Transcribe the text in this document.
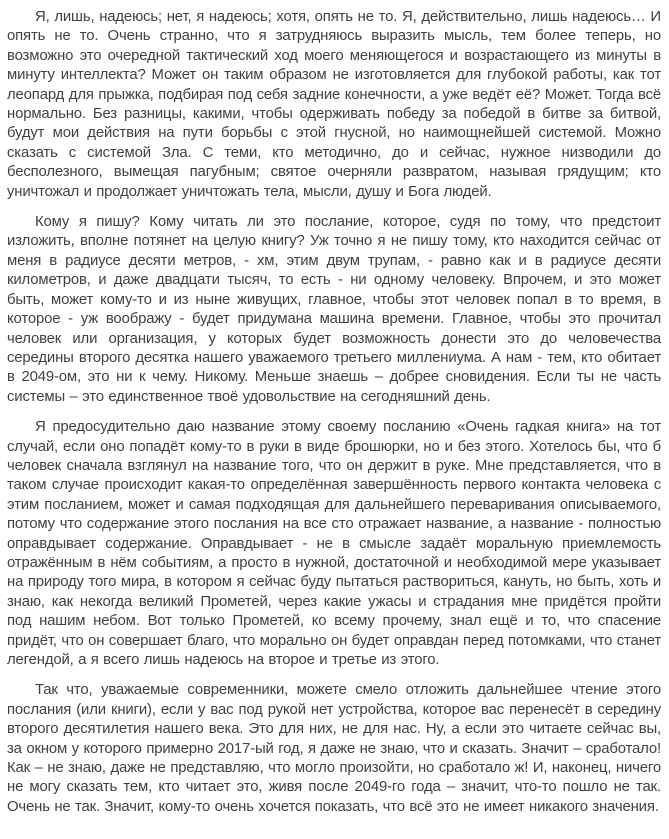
Я, лишь, надеюсь; нет, я надеюсь; хотя, опять не то. Я, действительно, лишь надеюсь… И опять не то. Очень странно, что я затрудняюсь выразить мысль, тем более теперь, но возможно это очередной тактический ход моего меняющегося и возрастающего из минуты в минуту интеллекта? Может он таким образом не изготовляется для глубокой работы, как тот леопард для прыжка, подбирая под себя задние конечности, а уже ведёт её? Может. Тогда всё нормально. Без разницы, какими, чтобы одерживать победу за победой в битве за битвой, будут мои действия на пути борьбы с этой гнусной, но наимощнейшей системой. Можно сказать с системой Зла. С теми, кто методично, до и сейчас, нужное низводили до бесполезного, вымещая пагубным; святое очерняли развратом, называя грядущим; кто уничтожал и продолжает уничтожать тела, мысли, душу и Бога людей.

Кому я пишу? Кому читать ли это послание, которое, судя по тому, что предстоит изложить, вполне потянет на целую книгу? Уж точно я не пишу тому, кто находится сейчас от меня в радиусе десяти метров, - хм, этим двум трупам, - равно как и в радиусе десяти километров, и даже двадцати тысяч, то есть - ни одному человеку. Впрочем, и это может быть, может кому-то и из ныне живущих, главное, чтобы этот человек попал в то время, в которое - уж воображу - будет придумана машина времени. Главное, чтобы это прочитал человек или организация, у которых будет возможность донести это до человечества середины второго десятка нашего уважаемого третьего миллениума. А нам - тем, кто обитает в 2049-ом, это ни к чему. Никому. Меньше знаешь – добрее сновидения. Если ты не часть системы – это единственное твоё удовольствие на сегодняшний день.

Я предосудительно даю название этому своему посланию «Очень гадкая книга» на тот случай, если оно попадёт кому-то в руки в виде брошюрки, но и без этого. Хотелось бы, что б человек сначала взглянул на название того, что он держит в руке. Мне представляется, что в таком случае происходит какая-то определённая завершённость первого контакта человека с этим посланием, может и самая подходящая для дальнейшего переваривания описываемого, потому что содержание этого послания на все сто отражает название, а название - полностью оправдывает содержание. Оправдывает - не в смысле задаёт моральную приемлемость отражённым в нём событиям, а просто в нужной, достаточной и необходимой мере указывает на природу того мира, в котором я сейчас буду пытаться раствориться, кануть, но быть, хоть и знаю, как некогда великий Прометей, через какие ужасы и страдания мне придётся пройти под нашим небом. Вот только Прометей, ко всему прочему, знал ещё и то, что спасение придёт, что он совершает благо, что морально он будет оправдан перед потомками, что станет легендой, а я всего лишь надеюсь на второе и третье из этого.

Так что, уважаемые современники, можете смело отложить дальнейшее чтение этого послания (или книги), если у вас под рукой нет устройства, которое вас перенесёт в середину второго десятилетия нашего века. Это для них, не для нас. Ну, а если это читаете сейчас вы, за окном у которого примерно 2017-ый год, я даже не знаю, что и сказать. Значит – сработало! Как – не знаю, даже не представляю, что могло произойти, но сработало ж! И, наконец, ничего не могу сказать тем, кто читает это, живя после 2049-го года – значит, что-то пошло не так. Очень не так. Значит, кому-то очень хочется показать, что всё это не имеет никакого значения.
